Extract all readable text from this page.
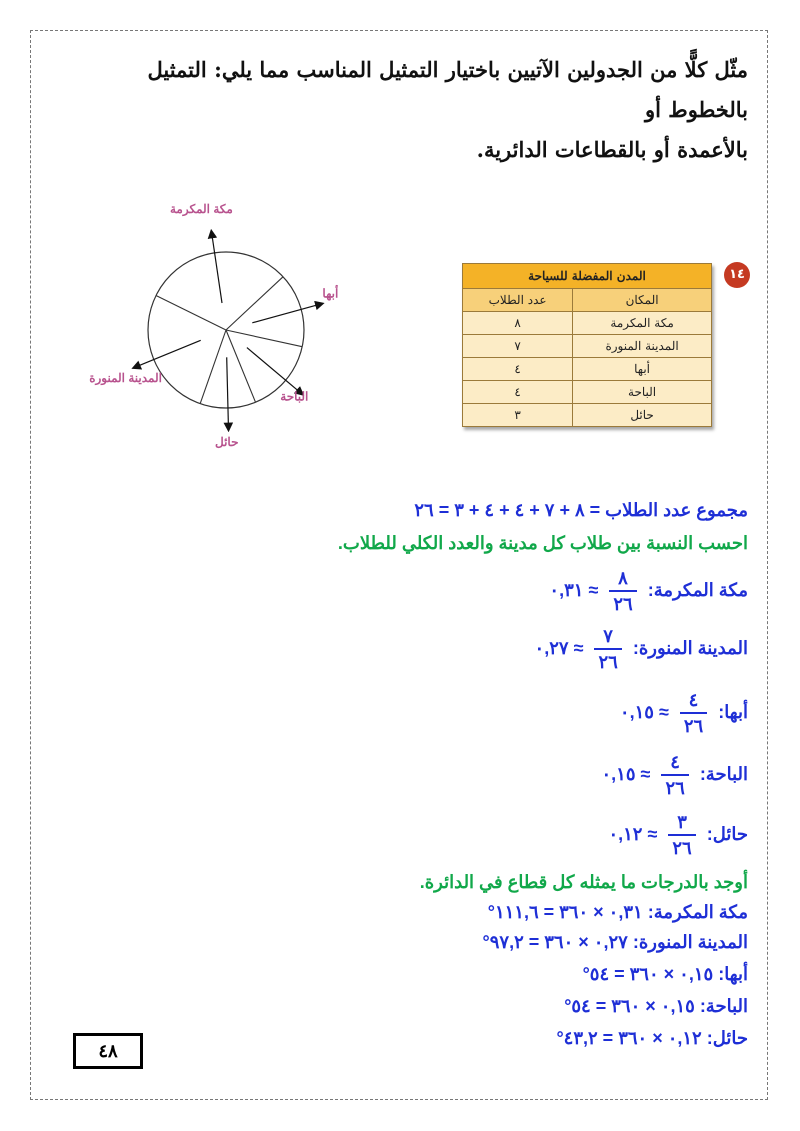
مثّل كلًّا من الجدولين الآتيين باختيار التمثيل المناسب مما يلي: التمثيل بالخطوط أو
بالأعمدة أو بالقطاعات الدائرية.
١٤
المدن المفضلة للسياحة	
المكان	عدد الطلاب
مكة المكرمة	٨
المدينة المنورة	٧
أبها	٤
الباحة	٤
حائل	٣
مكة المكرمة
المدينة المنورة
أبها
الباحة
حائل
مجموع عدد الطلاب = ٨ + ٧ + ٤ + ٤ + ٣ = ٢٦
احسب النسبة بين طلاب كل مدينة والعدد الكلي للطلاب.
مكة المكرمة:
$\frac{٨}{٢٦}$
≈ ٠,٣١
المدينة المنورة:
$\frac{٧}{٢٦}$
≈ ٠,٢٧
أبها:
$\frac{٤}{٢٦}$
≈ ٠,١٥
الباحة:
$\frac{٤}{٢٦}$
≈ ٠,١٥
حائل:
$\frac{٣}{٢٦}$
≈ ٠,١٢
أوجد بالدرجات ما يمثله كل قطاع في الدائرة.
مكة المكرمة: ٠,٣١ × ٣٦٠ = ١١١,٦°
المدينة المنورة: ٠,٢٧ × ٣٦٠ = ٩٧,٢°
أبها: ٠,١٥ × ٣٦٠ = ٥٤°
الباحة: ٠,١٥ × ٣٦٠ = ٥٤°
حائل: ٠,١٢ × ٣٦٠ = ٤٣,٢°
٤٨
